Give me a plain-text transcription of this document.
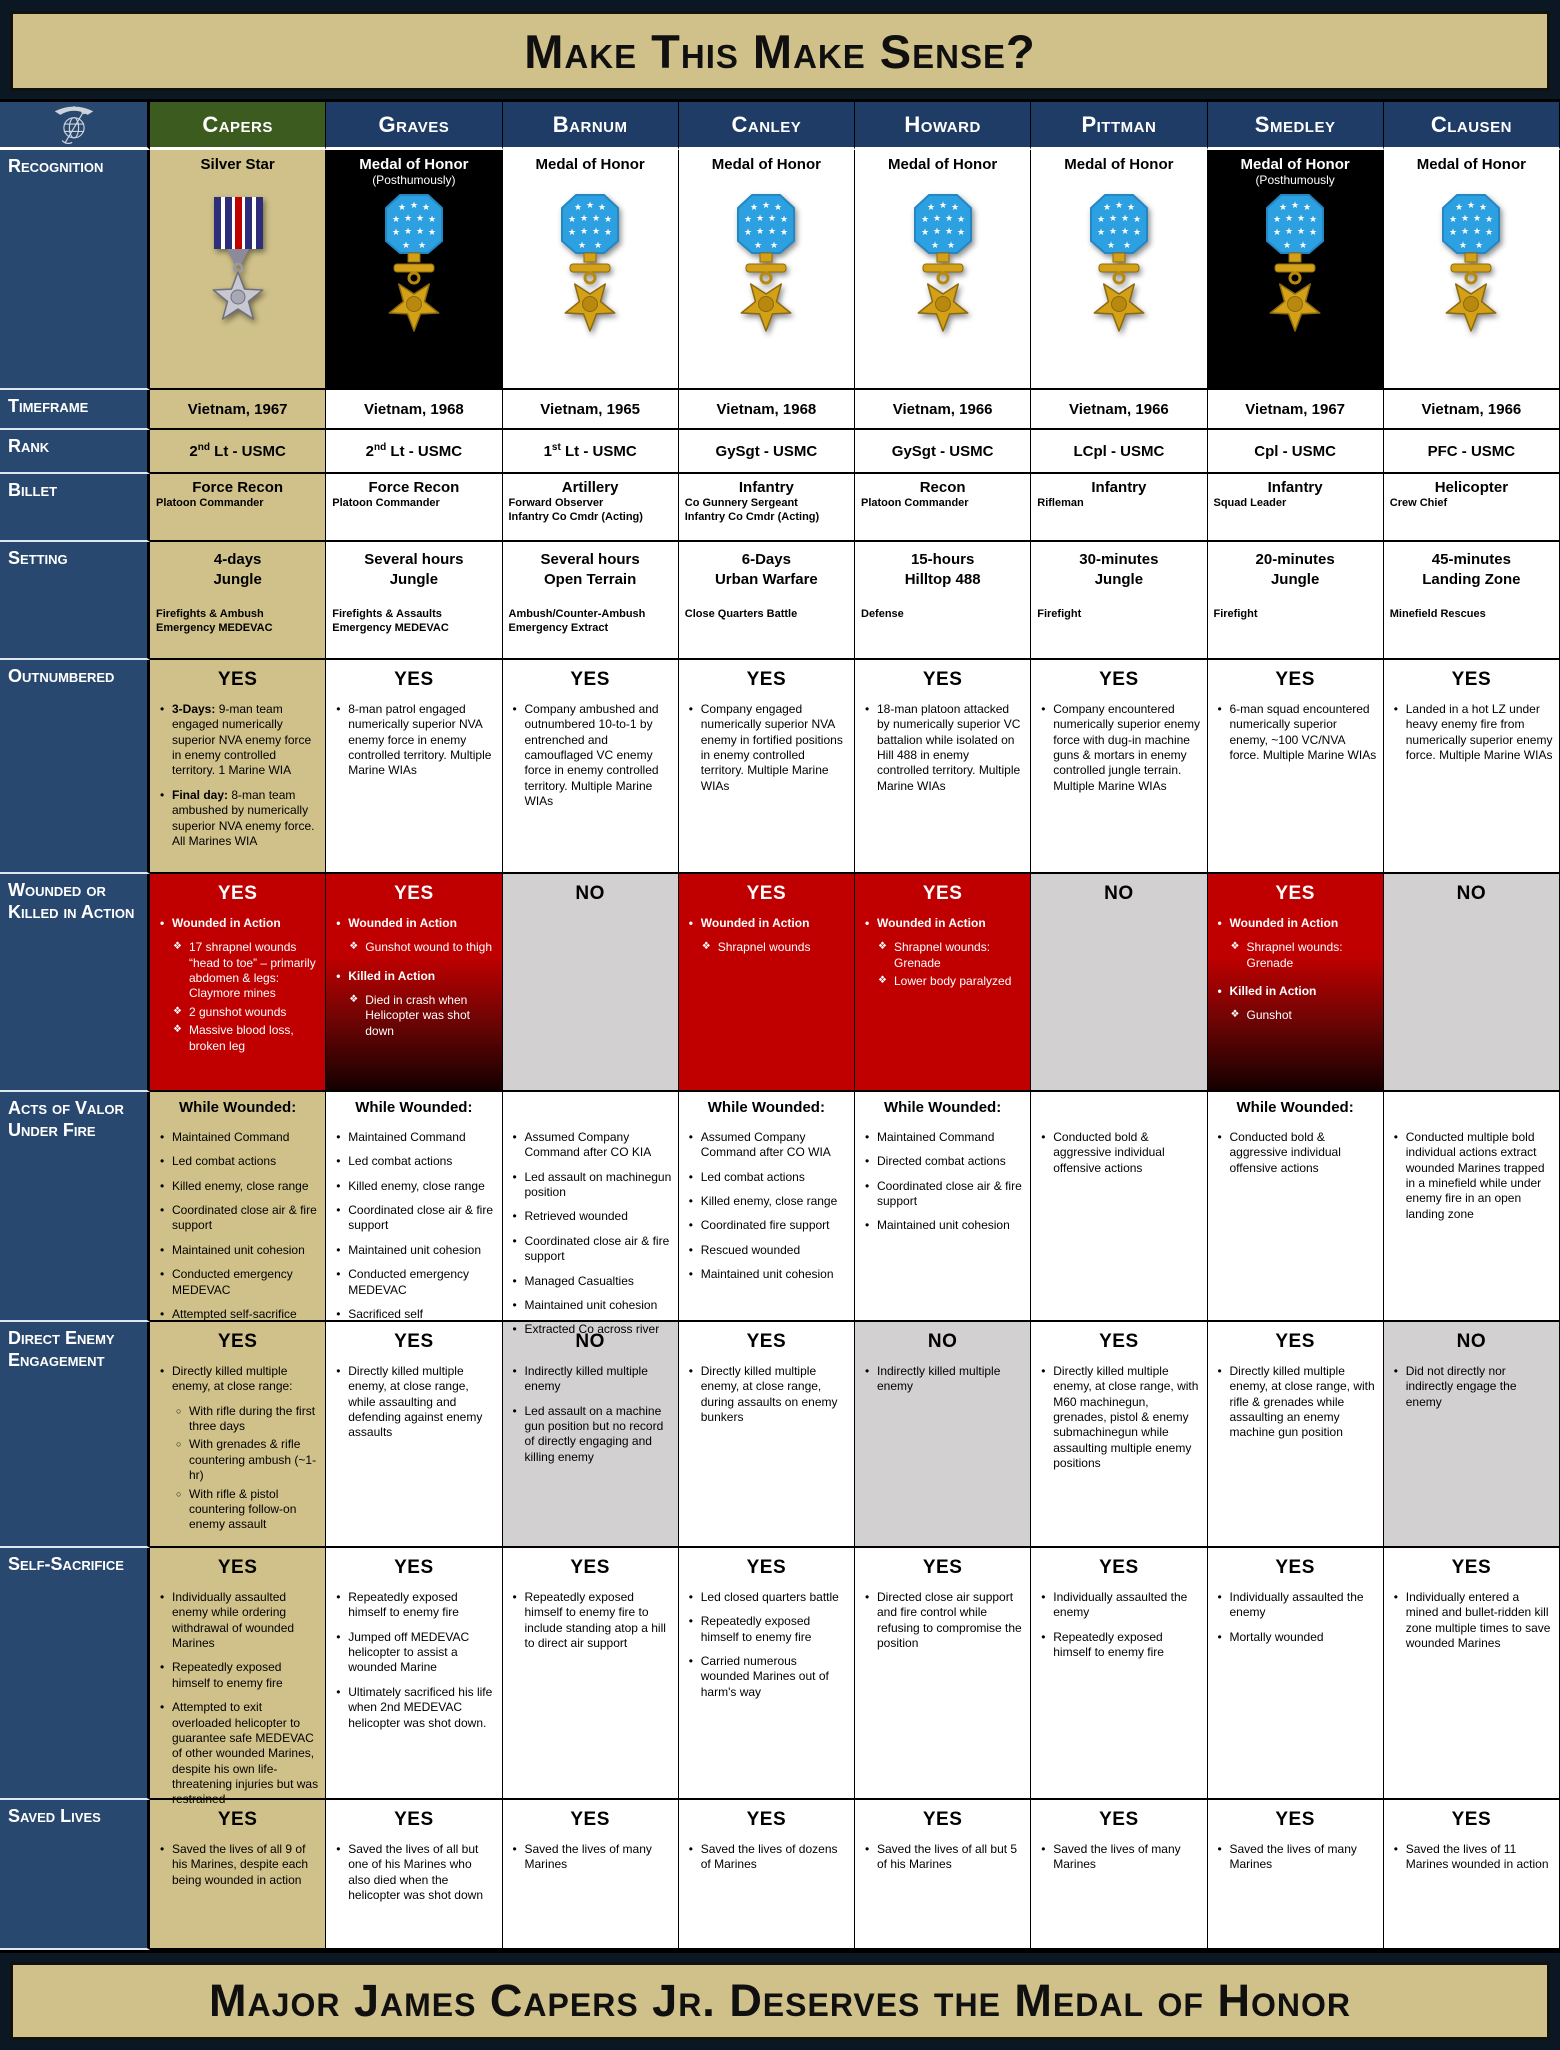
Make This Make Sense?
Recognition
Timeframe
Rank
Billet
Setting
Outnumbered
Wounded or Killed in Action
Acts of Valor Under Fire
Direct Enemy Engagement
Self-Sacrifice
Saved Lives
Capers
Silver Star
Vietnam, 1967
2nd Lt - USMC
Force Recon
Platoon Commander
4-days
Jungle
Firefights & Ambush
Emergency MEDEVAC
YES
• 3-Days: 9-man team engaged numerically superior NVA enemy force in enemy controlled territory. 1 Marine WIA
• Final day: 8-man team ambushed by numerically superior NVA enemy force. All Marines WIA
YES
• Wounded in Action
❖ 17 shrapnel wounds “head to toe” – primarily abdomen & legs: Claymore mines
❖ 2 gunshot wounds
❖ Massive blood loss, broken leg
While Wounded:
• Maintained Command
• Led combat actions
• Killed enemy, close range
• Coordinated close air & fire support
• Maintained unit cohesion
• Conducted emergency MEDEVAC
• Attempted self-sacrifice
YES
• Directly killed multiple enemy, at close range:
○ With rifle during the first three days
○ With grenades & rifle countering ambush (~1-hr)
○ With rifle & pistol countering follow-on enemy assault
YES
• Individually assaulted enemy while ordering withdrawal of wounded Marines
• Repeatedly exposed himself to enemy fire
• Attempted to exit overloaded helicopter to guarantee safe MEDEVAC of other wounded Marines, despite his own life-threatening injuries but was restrained
YES
• Saved the lives of all 9 of his Marines, despite each being wounded in action
Graves
Medal of Honor
(Posthumously)
★ ★ ★
★ ★ ★ ★
★ ★ ★ ★
★ ★
Vietnam, 1968
2nd Lt - USMC
Force Recon
Platoon Commander
Several hours
Jungle
Firefights & Assaults
Emergency MEDEVAC
YES
• 8-man patrol engaged numerically superior NVA enemy force in enemy controlled territory. Multiple Marine WIAs
YES
• Wounded in Action
❖ Gunshot wound to thigh
• Killed in Action
❖ Died in crash when Helicopter was shot down
While Wounded:
• Maintained Command
• Led combat actions
• Killed enemy, close range
• Coordinated close air & fire support
• Maintained unit cohesion
• Conducted emergency MEDEVAC
• Sacrificed self
YES
• Directly killed multiple enemy, at close range, while assaulting and defending against enemy assaults
YES
• Repeatedly exposed himself to enemy fire
• Jumped off MEDEVAC helicopter to assist a wounded Marine
• Ultimately sacrificed his life when 2nd MEDEVAC helicopter was shot down.
YES
• Saved the lives of all but one of his Marines who also died when the helicopter was shot down
Barnum
Medal of Honor
★ ★ ★
★ ★ ★ ★
★ ★ ★ ★
★ ★
Vietnam, 1965
1st Lt - USMC
Artillery
Forward Observer
Infantry Co Cmdr (Acting)
Several hours
Open Terrain
Ambush/Counter-Ambush
Emergency Extract
YES
• Company ambushed and outnumbered 10-to-1 by entrenched and camouflaged VC enemy force in enemy controlled territory. Multiple Marine WIAs
NO
• Assumed Company Command after CO KIA
• Led assault on machinegun position
• Retrieved wounded
• Coordinated close air & fire support
• Managed Casualties
• Maintained unit cohesion
• Extracted Co across river
NO
• Indirectly killed multiple enemy
• Led assault on a machine gun position but no record of directly engaging and killing enemy
YES
• Repeatedly exposed himself to enemy fire to include standing atop a hill to direct air support
YES
• Saved the lives of many Marines
Canley
Medal of Honor
★ ★ ★
★ ★ ★ ★
★ ★ ★ ★
★ ★
Vietnam, 1968
GySgt - USMC
Infantry
Co Gunnery Sergeant
Infantry Co Cmdr (Acting)
6-Days
Urban Warfare
Close Quarters Battle
YES
• Company engaged numerically superior NVA enemy in fortified positions in enemy controlled territory. Multiple Marine WIAs
YES
• Wounded in Action
❖ Shrapnel wounds
While Wounded:
• Assumed Company Command after CO WIA
• Led combat actions
• Killed enemy, close range
• Coordinated fire support
• Rescued wounded
• Maintained unit cohesion
YES
• Directly killed multiple enemy, at close range, during assaults on enemy bunkers
YES
• Led closed quarters battle
• Repeatedly exposed himself to enemy fire
• Carried numerous wounded Marines out of harm's way
YES
• Saved the lives of dozens of Marines
Howard
Medal of Honor
★ ★ ★
★ ★ ★ ★
★ ★ ★ ★
★ ★
Vietnam, 1966
GySgt - USMC
Recon
Platoon Commander
15-hours
Hilltop 488
Defense
YES
• 18-man platoon attacked by numerically superior VC battalion while isolated on Hill 488 in enemy controlled territory. Multiple Marine WIAs
YES
• Wounded in Action
❖ Shrapnel wounds: Grenade
❖ Lower body paralyzed
While Wounded:
• Maintained Command
• Directed combat actions
• Coordinated close air & fire support
• Maintained unit cohesion
NO
• Indirectly killed multiple enemy
YES
• Directed close air support and fire control while refusing to compromise the position
YES
• Saved the lives of all but 5 of his Marines
Pittman
Medal of Honor
★ ★ ★
★ ★ ★ ★
★ ★ ★ ★
★ ★
Vietnam, 1966
LCpl - USMC
Infantry
Rifleman
30-minutes
Jungle
Firefight
YES
• Company encountered numerically superior enemy force with dug-in machine guns & mortars in enemy controlled jungle terrain. Multiple Marine WIAs
NO
• Conducted bold & aggressive individual offensive actions
YES
• Directly killed multiple enemy, at close range, with M60 machinegun, grenades, pistol & enemy submachinegun while assaulting multiple enemy positions
YES
• Individually assaulted the enemy
• Repeatedly exposed himself to enemy fire
YES
• Saved the lives of many Marines
Smedley
Medal of Honor
(Posthumously
★ ★ ★
★ ★ ★ ★
★ ★ ★ ★
★ ★
Vietnam, 1967
Cpl - USMC
Infantry
Squad Leader
20-minutes
Jungle
Firefight
YES
• 6-man squad encountered numerically superior enemy, ~100 VC/NVA force. Multiple Marine WIAs
YES
• Wounded in Action
❖ Shrapnel wounds: Grenade
• Killed in Action
❖ Gunshot
While Wounded:
• Conducted bold & aggressive individual offensive actions
YES
• Directly killed multiple enemy, at close range, with rifle & grenades while assaulting an enemy machine gun position
YES
• Individually assaulted the enemy
• Mortally wounded
YES
• Saved the lives of many Marines
Clausen
Medal of Honor
★ ★ ★
★ ★ ★ ★
★ ★ ★ ★
★ ★
Vietnam, 1966
PFC - USMC
Helicopter
Crew Chief
45-minutes
Landing Zone
Minefield Rescues
YES
• Landed in a hot LZ under heavy enemy fire from numerically superior enemy force. Multiple Marine WIAs
NO
• Conducted multiple bold individual actions extract wounded Marines trapped in a minefield while under enemy fire in an open landing zone
NO
• Did not directly nor indirectly engage the enemy
YES
• Individually entered a mined and bullet-ridden kill zone multiple times to save wounded Marines
YES
• Saved the lives of 11 Marines wounded in action
Major James Capers Jr. Deserves the Medal of Honor
